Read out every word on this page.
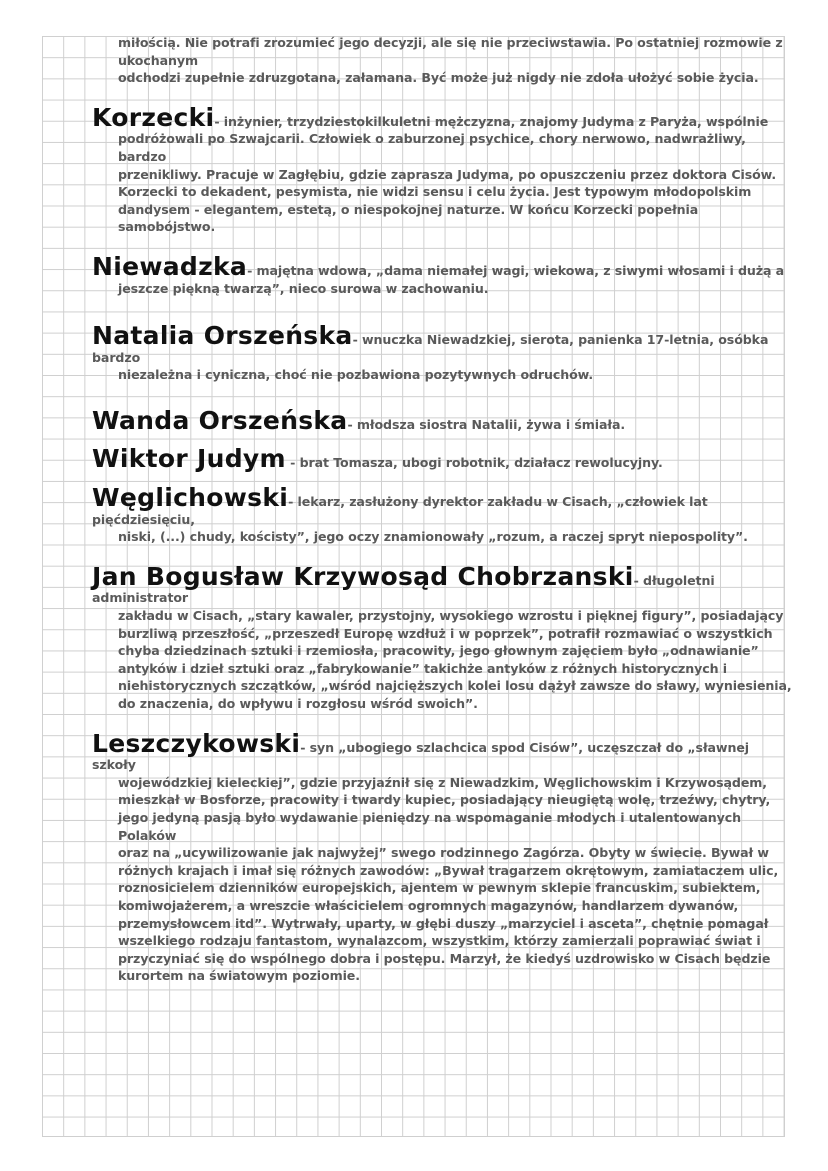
miłością. Nie potrafi zrozumieć jego decyzji, ale się nie przeciwstawia. Po ostatniej rozmowie z ukochanym
odchodzi zupełnie zdruzgotana, załamana. Być może już nigdy nie zdoła ułożyć sobie życia.

Korzecki- inżynier, trzydziestokilkuletni mężczyzna, znajomy Judyma z Paryża, wspólnie

podróżowali po Szwajcarii. Człowiek o zaburzonej psychice, chory nerwowo, nadwrażliwy, bardzo
przenikliwy. Pracuje w Zagłębiu, gdzie zaprasza Judyma, po opuszczeniu przez doktora Cisów.
Korzecki to dekadent, pesymista, nie widzi sensu i celu życia. Jest typowym młodopolskim
dandysem - elegantem, estetą, o niespokojnej naturze. W końcu Korzecki popełnia samobójstwo.

Niewadzka- majętna wdowa, „dama niemałej wagi, wiekowa, z siwymi włosami i dużą a

jeszcze piękną twarzą”, nieco surowa w zachowaniu.

Natalia Orszeńska- wnuczka Niewadzkiej, sierota, panienka 17-letnia, osóbka bardzo

niezależna i cyniczna, choć nie pozbawiona pozytywnych odruchów.

Wanda Orszeńska- młodsza siostra Natalii, żywa i śmiała.

Wiktor Judym - brat Tomasza, ubogi robotnik, działacz rewolucyjny.

Węglichowski- lekarz, zasłużony dyrektor zakładu w Cisach, „człowiek lat pięćdziesięciu,

niski, (...) chudy, kościsty”, jego oczy znamionowały „rozum, a raczej spryt niepospolity”.

Jan Bogusław Krzywosąd Chobrzanski- długoletni administrator

zakładu w Cisach, „stary kawaler, przystojny, wysokiego wzrostu i pięknej figury”, posiadający
burzliwą przeszłość, „przeszedł Europę wzdłuż i w poprzek”, potrafił rozmawiać o wszystkich
chyba dziedzinach sztuki i rzemiosła, pracowity, jego głownym zajęciem było „odnawianie”
antyków i dzieł sztuki oraz „fabrykowanie” takichże antyków z różnych historycznych i
niehistorycznych szczątków, „wśród najcięższych kolei losu dążył zawsze do sławy, wyniesienia,
do znaczenia, do wpływu i rozgłosu wśród swoich”.

Leszczykowski- syn „ubogiego szlachcica spod Cisów”, uczęszczał do „sławnej szkoły

wojewódzkiej kieleckiej”, gdzie przyjaźnił się z Niewadzkim, Węglichowskim i Krzywosądem,
mieszkał w Bosforze, pracowity i twardy kupiec, posiadający nieugiętą wolę, trzeźwy, chytry,
jego jedyną pasją było wydawanie pieniędzy na wspomaganie młodych i utalentowanych Polaków
oraz na „ucywilizowanie jak najwyżej” swego rodzinnego Zagórza. Obyty w świecie. Bywał w
różnych krajach i imał się różnych zawodów: „Bywał tragarzem okrętowym, zamiataczem ulic,
roznosicielem dzienników europejskich, ajentem w pewnym sklepie francuskim, subiektem,
komiwojażerem, a wreszcie właścicielem ogromnych magazynów, handlarzem dywanów,
przemysłowcem itd”. Wytrwały, uparty, w głębi duszy „marzyciel i asceta”, chętnie pomagał
wszelkiego rodzaju fantastom, wynalazcom, wszystkim, którzy zamierzali poprawiać świat i
przyczyniać się do wspólnego dobra i postępu. Marzył, że kiedyś uzdrowisko w Cisach będzie
kurortem na światowym poziomie.
